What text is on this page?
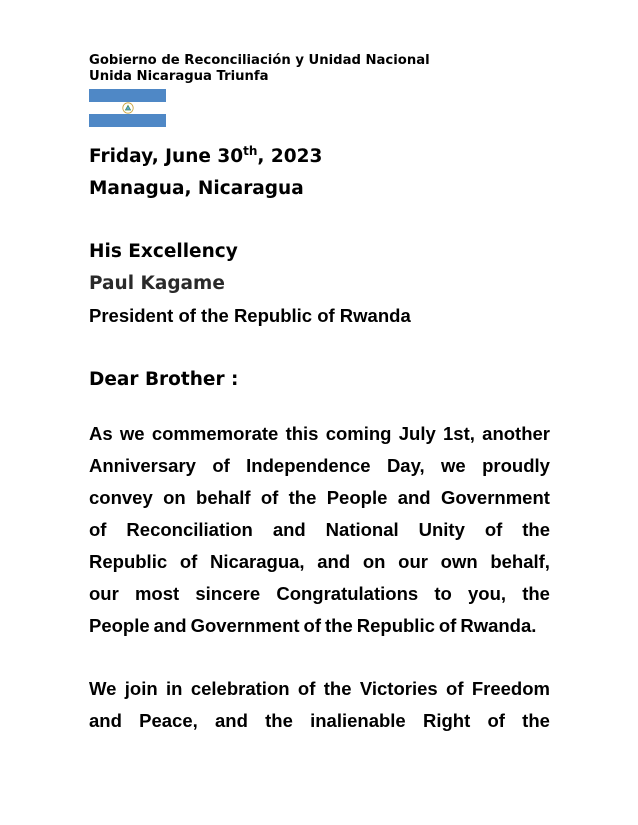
Gobierno de Reconciliación y Unidad Nacional
Unida Nicaragua Triunfa
Friday, June 30th, 2023
Managua, Nicaragua
His Excellency
Paul Kagame
President of the Republic of Rwanda
Dear Brother :
As we commemorate this coming July 1st, another
Anniversary of Independence Day, we proudly
convey on behalf of the People and Government
of Reconciliation and National Unity of the
Republic of Nicaragua, and on our own behalf,
our most sincere Congratulations to you, the
People and Government of the Republic of Rwanda.
We join in celebration of the Victories of Freedom
and Peace, and the inalienable Right of the
